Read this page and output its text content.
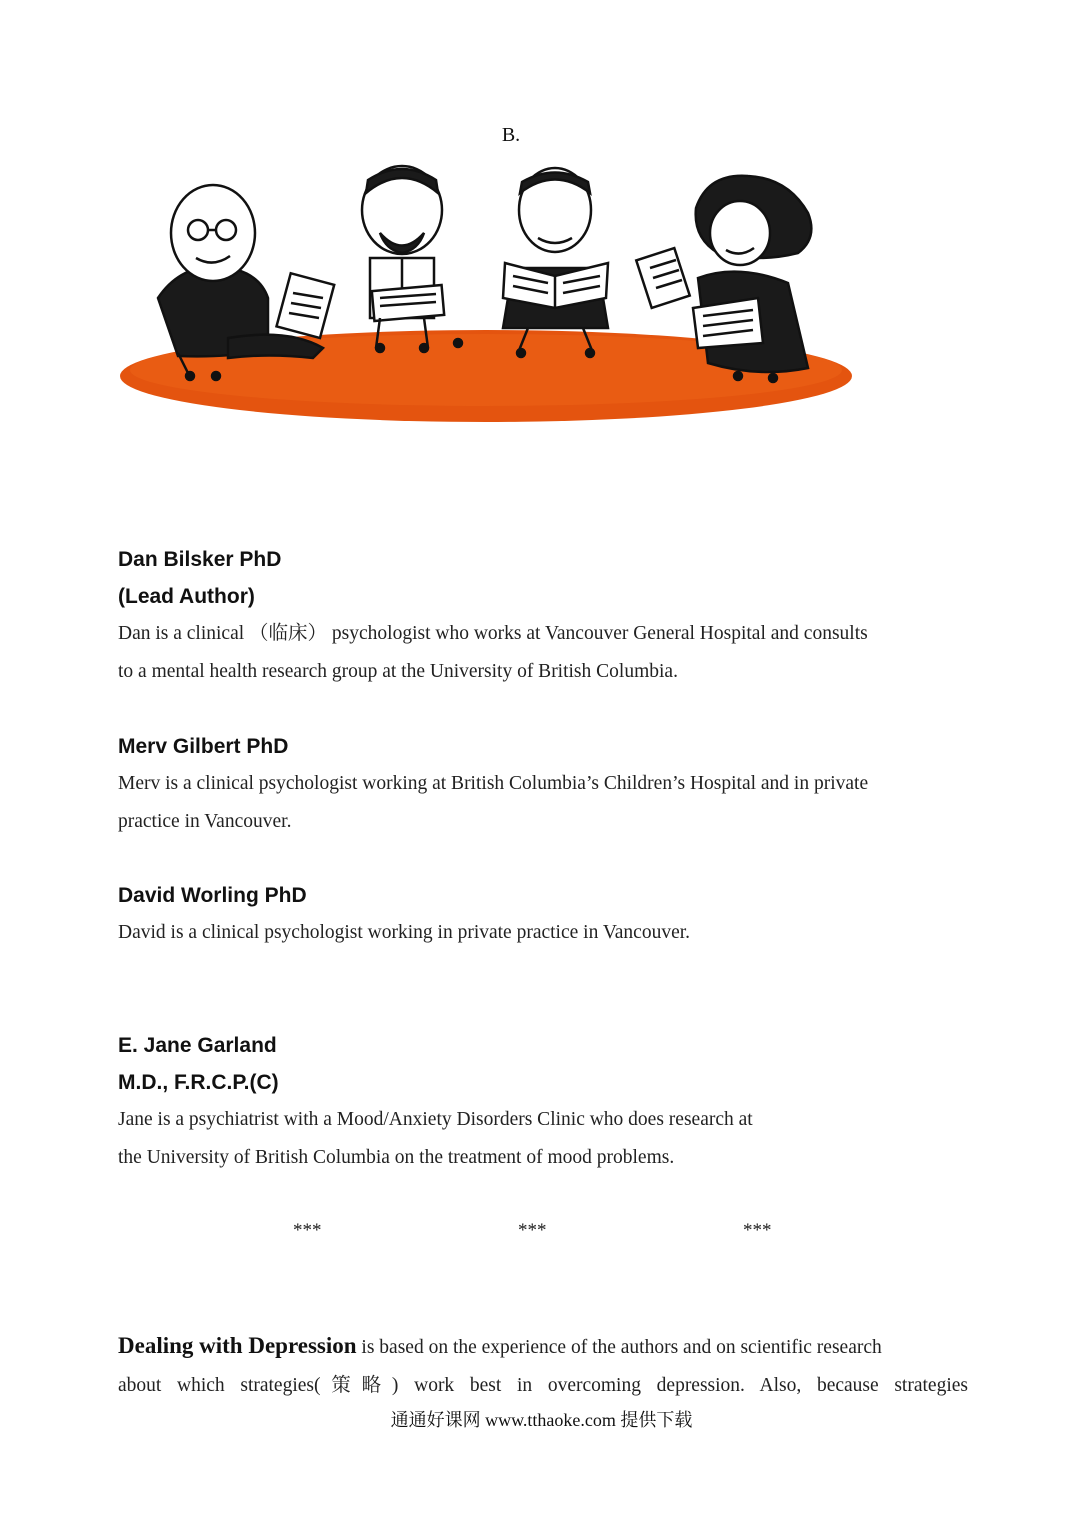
B.
Dan Bilsker PhD
(Lead Author)
Dan is a clinical （临床） psychologist who works at Vancouver General Hospital and consults
to a mental health research group at the University of British Columbia.
Merv Gilbert PhD
Merv is a clinical psychologist working at British Columbia’s Children’s Hospital and in private
practice in Vancouver.
David Worling PhD
David is a clinical psychologist working in private practice in Vancouver.
E. Jane Garland
M.D., F.R.C.P.(C)
Jane is a psychiatrist with a Mood/Anxiety Disorders Clinic who does research at
the University of British Columbia on the treatment of mood problems.
***	***	***
Dealing with Depression is based on the experience of the authors and on scientific research
about which strategies(策略) work best in overcoming depression. Also, because strategies
通通好课网 www.tthaoke.com 提供下载
